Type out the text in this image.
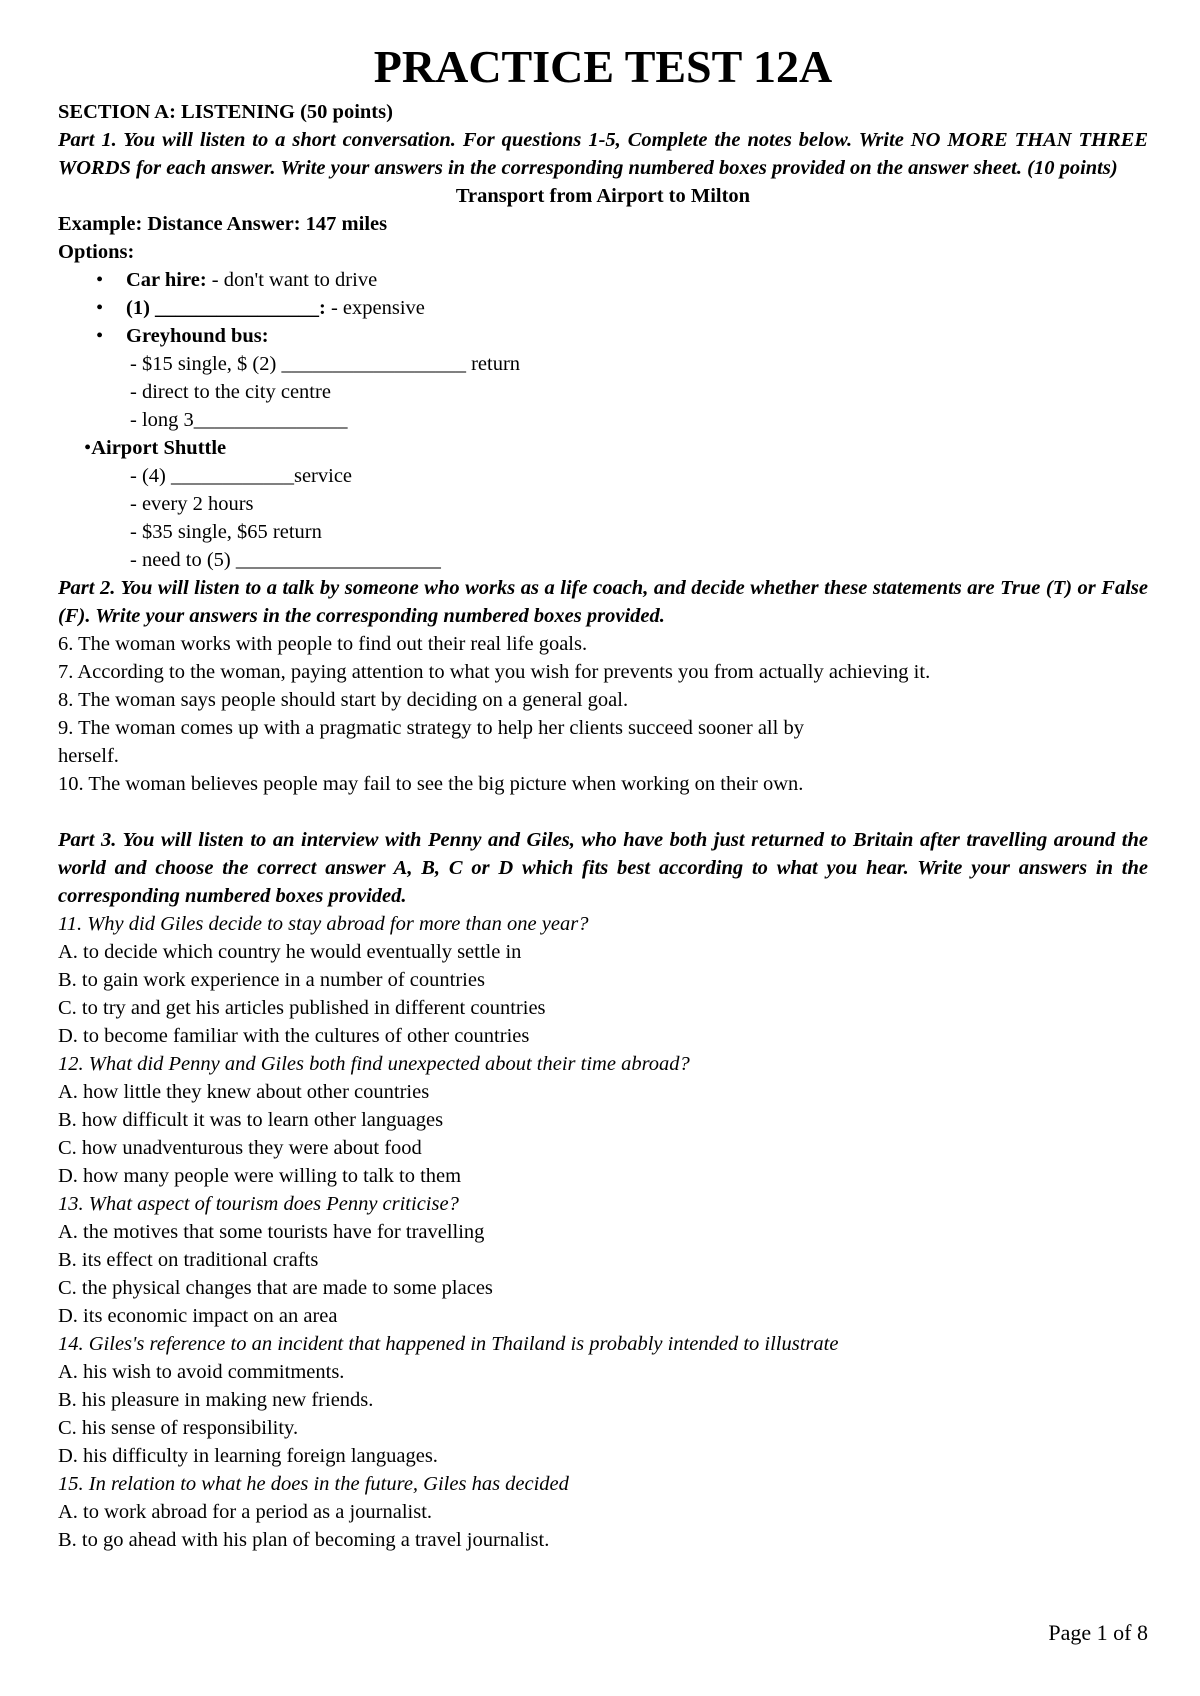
PRACTICE TEST 12A
SECTION A: LISTENING (50 points)
Part 1. You will listen to a short conversation. For questions 1-5, Complete the notes below. Write NO MORE THAN THREE WORDS for each answer. Write your answers in the corresponding numbered boxes provided on the answer sheet. (10 points)
Transport from Airport to Milton
Example: Distance Answer: 147 miles
Options:
• Car hire: - don't want to drive
• (1) ________________: - expensive
• Greyhound bus:
- $15 single, $ (2) __________________ return
- direct to the city centre
- long 3_______________
•Airport Shuttle
- (4) ____________service
- every 2 hours
- $35 single, $65 return
- need to (5) ____________________
Part 2. You will listen to a talk by someone who works as a life coach, and decide whether these statements are True (T) or False (F). Write your answers in the corresponding numbered boxes provided.
6. The woman works with people to find out their real life goals.
7. According to the woman, paying attention to what you wish for prevents you from actually achieving it.
8. The woman says people should start by deciding on a general goal.
9. The woman comes up with a pragmatic strategy to help her clients succeed sooner all by
herself.
10. The woman believes people may fail to see the big picture when working on their own.
Part 3. You will listen to an interview with Penny and Giles, who have both just returned to Britain after travelling around the world and choose the correct answer A, B, C or D which fits best according to what you hear. Write your answers in the corresponding numbered boxes provided.
11. Why did Giles decide to stay abroad for more than one year?
A. to decide which country he would eventually settle in
B. to gain work experience in a number of countries
C. to try and get his articles published in different countries
D. to become familiar with the cultures of other countries
12. What did Penny and Giles both find unexpected about their time abroad?
A. how little they knew about other countries
B. how difficult it was to learn other languages
C. how unadventurous they were about food
D. how many people were willing to talk to them
13. What aspect of tourism does Penny criticise?
A. the motives that some tourists have for travelling
B. its effect on traditional crafts
C. the physical changes that are made to some places
D. its economic impact on an area
14. Giles's reference to an incident that happened in Thailand is probably intended to illustrate
A. his wish to avoid commitments.
B. his pleasure in making new friends.
C. his sense of responsibility.
D. his difficulty in learning foreign languages.
15. In relation to what he does in the future, Giles has decided
A. to work abroad for a period as a journalist.
B. to go ahead with his plan of becoming a travel journalist.
Page 1 of 8
